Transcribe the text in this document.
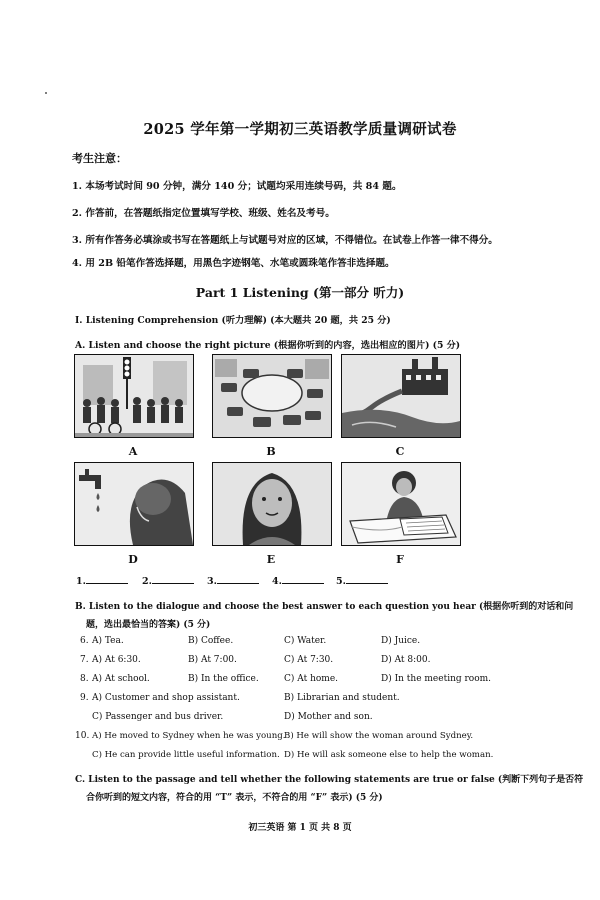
2025 学年第一学期初三英语教学质量调研试卷
考生注意：
1. 本场考试时间 90 分钟，满分 140 分；试题均采用连续号码，共 84 题。
2. 作答前，在答题纸指定位置填写学校、班级、姓名及考号。
3. 所有作答务必填涂或书写在答题纸上与试题号对应的区域，不得错位。在试卷上作答一律不得分。
4. 用 2B 铅笔作答选择题，用黑色字迹钢笔、水笔或圆珠笔作答非选择题。
Part 1 Listening (第一部分 听力)
I. Listening Comprehension (听力理解) (本大题共 20 题，共 25 分)
A. Listen and choose the right picture (根据你听到的内容，选出相应的图片) (5 分)
A	B	C
D	E	F
1.	2.	3.	4.	5.
B. Listen to the dialogue and choose the best answer to each question you hear (根据你听到的对话和问
题，选出最恰当的答案) (5 分)
6. A) Tea.	B) Coffee.	C) Water.	D) Juice.
7. A) At 6:30.	B) At 7:00.	C) At 7:30.	D) At 8:00.
8. A) At school.	B) In the office.	C) At home.	D) In the meeting room.
9. A) Customer and shop assistant.	B) Librarian and student.
C) Passenger and bus driver.	D) Mother and son.
10. A) He moved to Sydney when he was young.
B) He will show the woman around Sydney.
C) He can provide little useful information. D) He will ask someone else to help the woman.
C. Listen to the passage and tell whether the following statements are true or false (判断下列句子是否符
合你听到的短文内容，符合的用 “T” 表示，不符合的用 “F” 表示) (5 分)
初三英语 第 1 页 共 8 页
